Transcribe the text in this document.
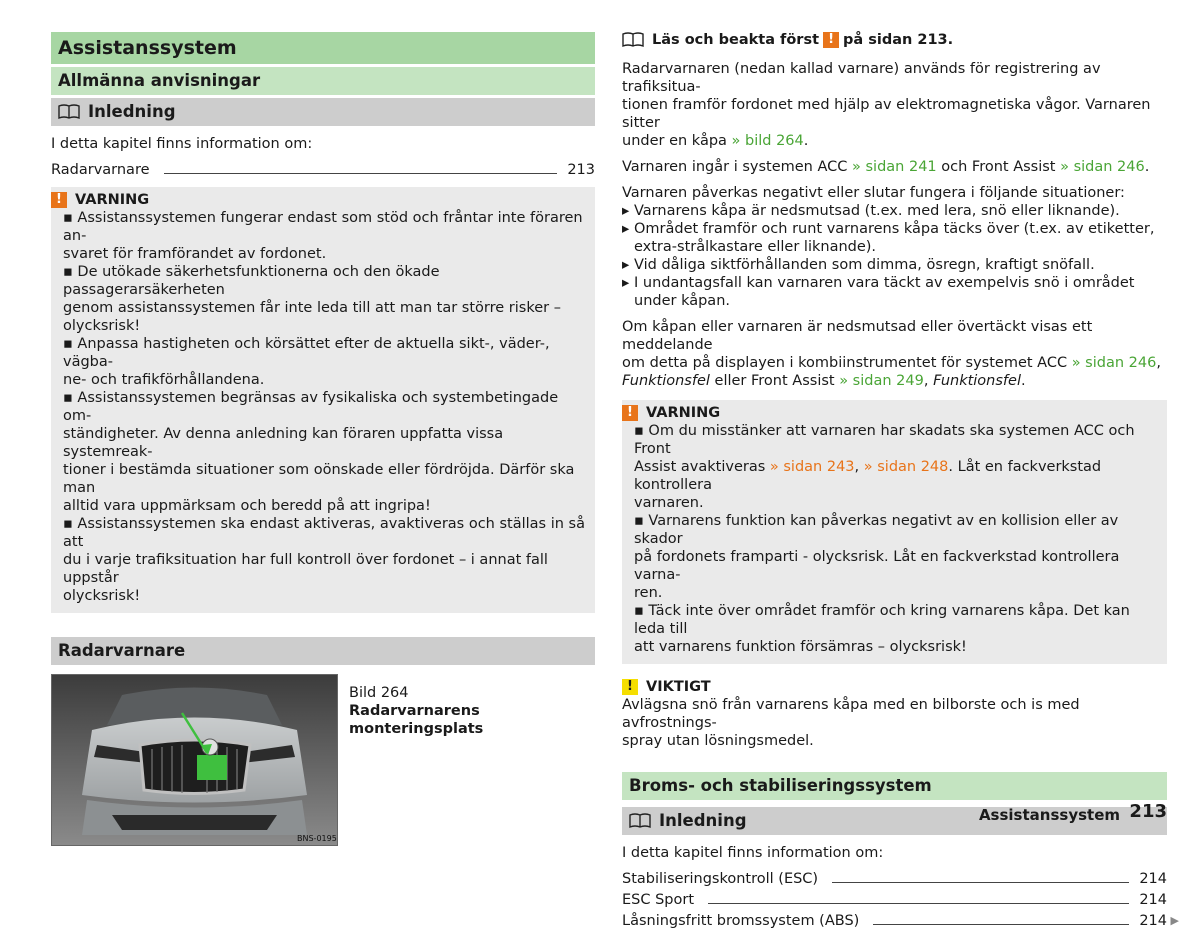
Assistanssystem
Allmänna anvisningar
Inledning

I detta kapitel finns information om:

Radarvarnare	213
! VARNING
▪ Assistanssystemen fungerar endast som stöd och fråntar inte föraren an-
svaret för framförandet av fordonet.
▪ De utökade säkerhetsfunktionerna och den ökade passagerarsäkerheten
genom assistanssystemen får inte leda till att man tar större risker –
olycksrisk!
▪ Anpassa hastigheten och körsättet efter de aktuella sikt-, väder-, vägba-
ne- och trafikförhållandena.
▪ Assistanssystemen begränsas av fysikaliska och systembetingade om-
ständigheter. Av denna anledning kan föraren uppfatta vissa systemreak-
tioner i bestämda situationer som oönskade eller fördröjda. Därför ska man
alltid vara uppmärksam och beredd på att ingripa!
▪ Assistanssystemen ska endast aktiveras, avaktiveras och ställas in så att
du i varje trafiksituation har full kontroll över fordonet – i annat fall uppstår
olycksrisk!
Radarvarnare
BNS-0195
Bild 264
Radarvarnarens monteringsplats

Läs och beakta först ! på sidan 213.

Radarvarnaren (nedan kallad varnare) används för registrering av trafiksitua-
tionen framför fordonet med hjälp av elektromagnetiska vågor. Varnaren sitter
under en kåpa » bild 264.

Varnaren ingår i systemen ACC » sidan 241 och Front Assist » sidan 246.

Varnaren påverkas negativt eller slutar fungera i följande situationer:

▸ Varnarens kåpa är nedsmutsad (t.ex. med lera, snö eller liknande).
▸ Området framför och runt varnarens kåpa täcks över (t.ex. av etiketter, extra-strålkastare eller liknande).
▸ Vid dåliga siktförhållanden som dimma, ösregn, kraftigt snöfall.
▸ I undantagsfall kan varnaren vara täckt av exempelvis snö i området under kåpan.

Om kåpan eller varnaren är nedsmutsad eller övertäckt visas ett meddelande
om detta på displayen i kombiinstrumentet för systemet ACC » sidan 246,
Funktionsfel eller Front Assist » sidan 249, Funktionsfel.

! VARNING
▪ Om du misstänker att varnaren har skadats ska systemen ACC och Front
Assist avaktiveras » sidan 243, » sidan 248. Låt en fackverkstad kontrollera
varnaren.
▪ Varnarens funktion kan påverkas negativt av en kollision eller av skador
på fordonets framparti - olycksrisk. Låt en fackverkstad kontrollera varna-
ren.
▪ Täck inte över området framför och kring varnarens kåpa. Det kan leda till
att varnarens funktion försämras – olycksrisk!
! VIKTIGT
Avlägsna snö från varnarens kåpa med en bilborste och is med avfrostnings-
spray utan lösningsmedel.
Broms- och stabiliseringssystem
Inledning

I detta kapitel finns information om:

Stabiliseringskontroll (ESC)	214
ESC Sport	214
Låsningsfritt bromssystem (ABS)	214 ▶
Assistanssystem 213
